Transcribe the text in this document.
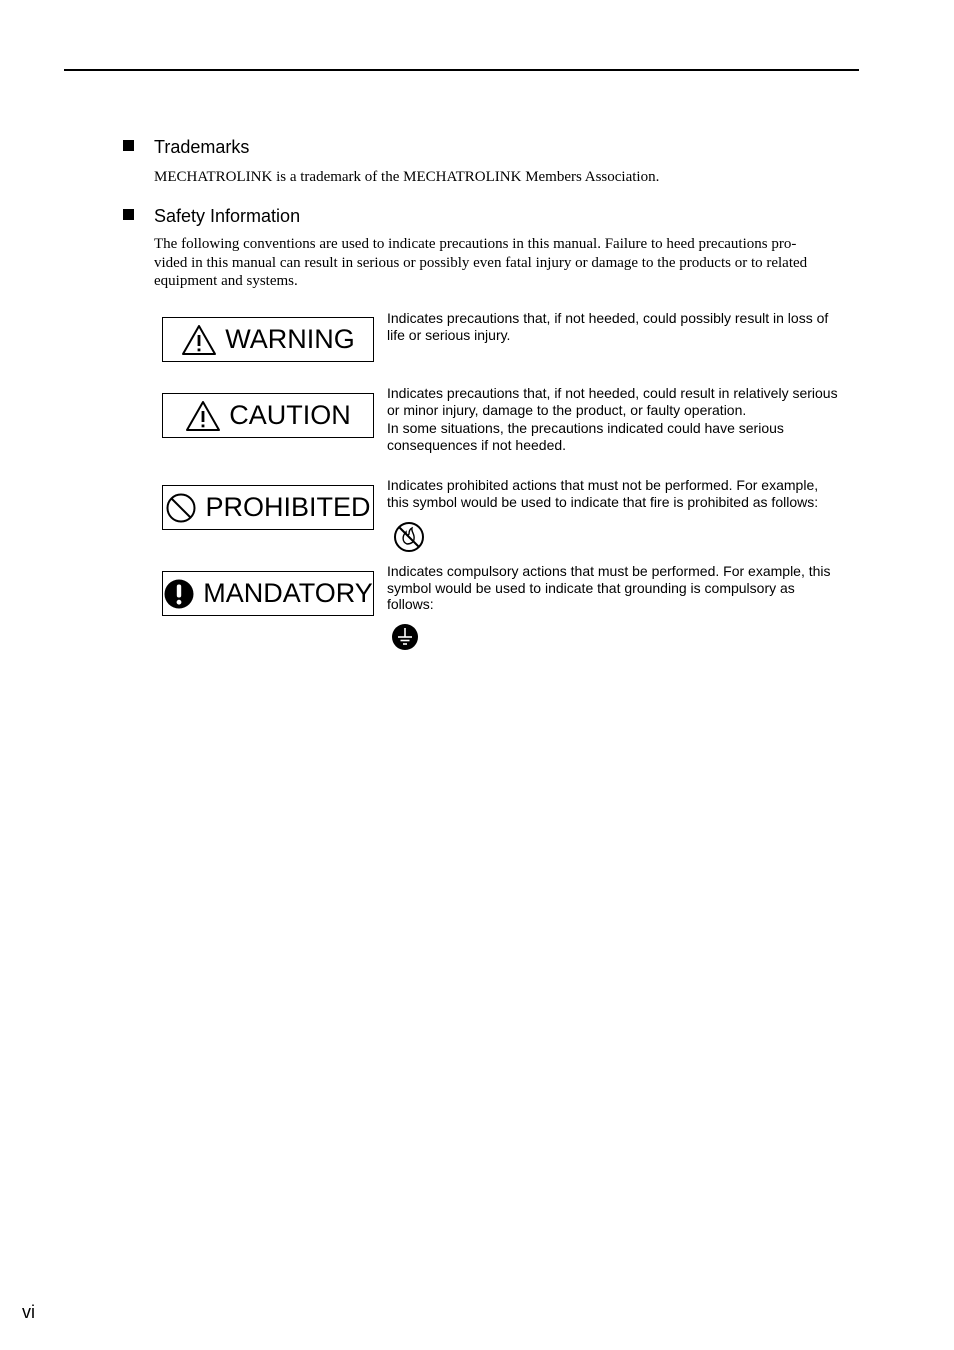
Trademarks
MECHATROLINK is a trademark of the MECHATROLINK Members Association.
Safety Information
The following conventions are used to indicate precautions in this manual. Failure to heed precautions pro-
vided in this manual can result in serious or possibly even fatal injury or damage to the products or to related
equipment and systems.
WARNING
Indicates precautions that, if not heeded, could possibly result in loss of
life or serious injury.
CAUTION
Indicates precautions that, if not heeded, could result in relatively serious
or minor injury, damage to the product, or faulty operation.
In some situations, the precautions indicated could have serious
consequences if not heeded.
PROHIBITED
Indicates prohibited actions that must not be performed. For example,
this symbol would be used to indicate that fire is prohibited as follows:
MANDATORY
Indicates compulsory actions that must be performed. For example, this
symbol would be used to indicate that grounding is compulsory as
follows:
vi
